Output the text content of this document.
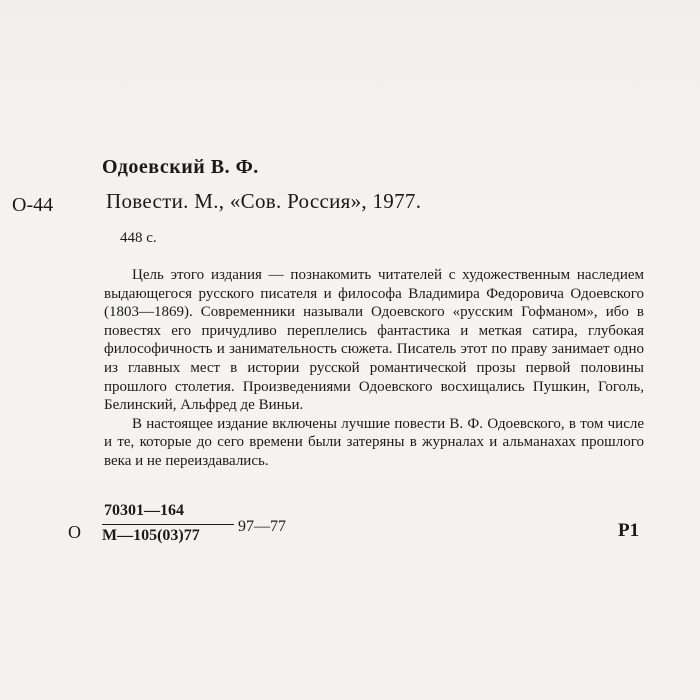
Одоевский В. Ф.
О-44	Повести. М., «Сов. Россия», 1977.
448 с.

Цель этого издания — познакомить читателей с художественным наследием выдающегося русского писателя и философа Владимира Федоровича Одоевского (1803—1869). Современники называли Одоевского «русским Гофманом», ибо в повестях его причудливо переплелись фантастика и меткая сатира, глубокая философичность и занимательность сюжета. Писатель этот по праву занимает одно из главных мест в истории русской романтической прозы первой половины прошлого столетия. Произведениями Одоевского восхищались Пушкин, Гоголь, Белинский, Альфред де Виньи.

В настоящее издание включены лучшие повести В. Ф. Одоевского, в том числе и те, которые до сего времени были затеряны в журналах и альманахах прошлого века и не переиздавались.

О
70301—164
М—105(03)77
97—77	Р1
